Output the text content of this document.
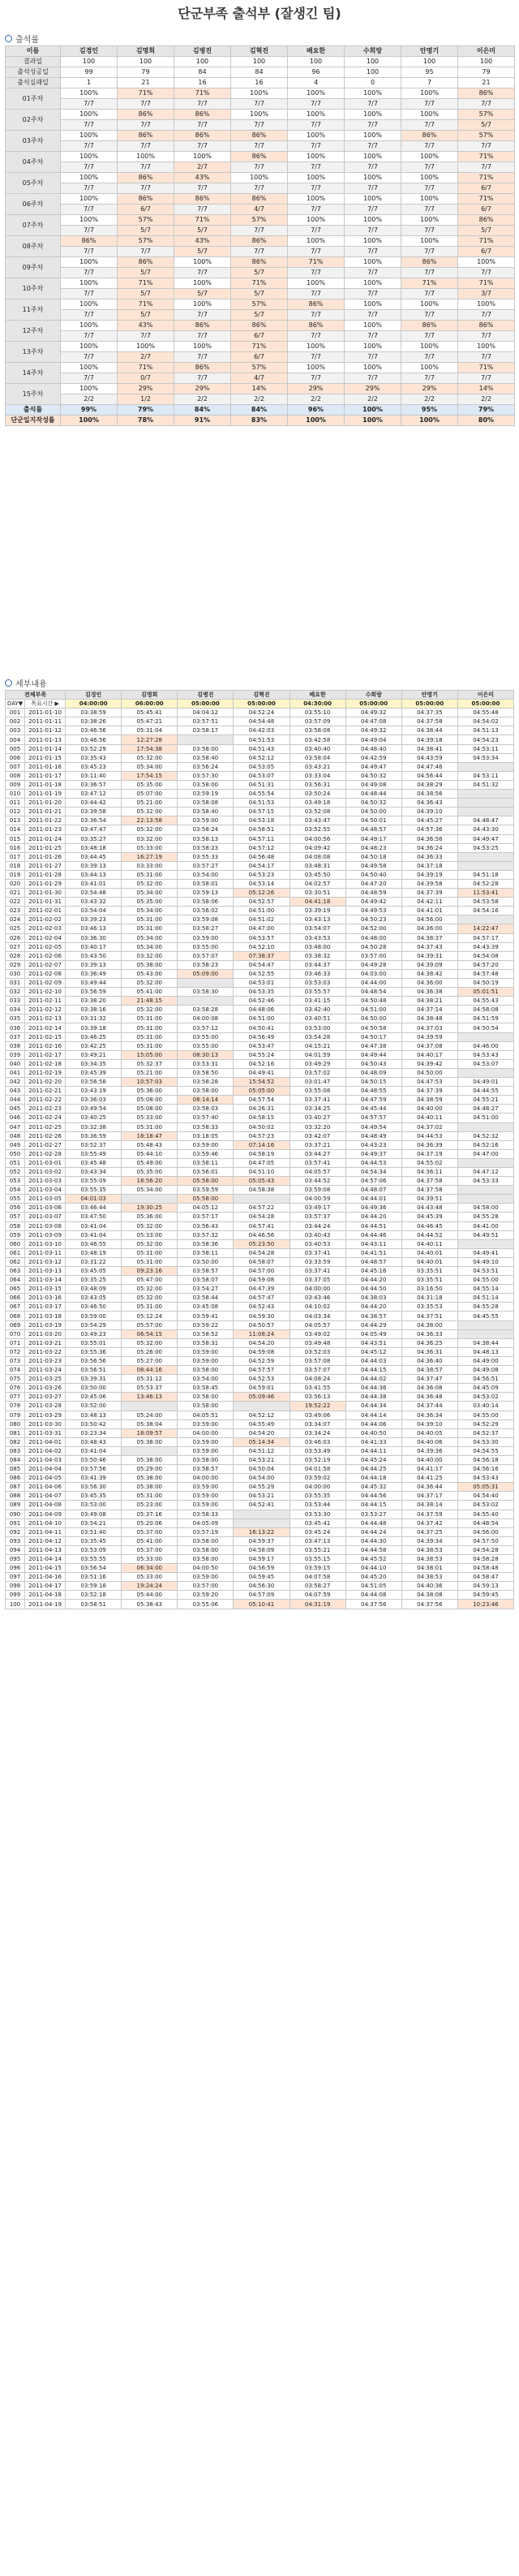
단군부족 출석부 (잘생긴 팀)
출석률
이름	김경인	김명희	김병진	김혁진	배요한	수희랑	안명기	이은미
결과일	100	100	100	100	100	100	100	100
출석성공일	99	79	84	84	96	100	95	79
출석실패일	1	21	16	16	4	0	7	21
01주차	100%	71%	71%	100%	100%	100%	100%	86%
	7/7	7/7	7/7	7/7	7/7	7/7	7/7	7/7
02주차	100%	86%	86%	100%	100%	100%	100%	57%
	7/7	7/7	7/7	7/7	7/7	7/7	7/7	5/7
03주차	100%	86%	86%	86%	100%	100%	86%	57%
	7/7	7/7	7/7	7/7	7/7	7/7	7/7	7/7
04주차	100%	100%	100%	86%	100%	100%	100%	71%
	7/7	7/7	2/7	7/7	7/7	7/7	7/7	7/7
05주차	100%	86%	43%	100%	100%	100%	100%	71%
	7/7	7/7	7/7	7/7	7/7	7/7	7/7	6/7
06주차	100%	86%	86%	86%	100%	100%	100%	71%
	7/7	6/7	7/7	4/7	7/7	7/7	7/7	6/7
07주차	100%	57%	71%	57%	100%	100%	100%	86%
	7/7	5/7	5/7	7/7	7/7	7/7	7/7	5/7
08주차	86%	57%	43%	86%	100%	100%	100%	71%
	7/7	7/7	5/7	7/7	7/7	7/7	7/7	6/7
09주차	100%	86%	100%	86%	71%	100%	86%	100%
	7/7	5/7	7/7	5/7	7/7	7/7	7/7	7/7
10주차	100%	71%	100%	71%	100%	100%	71%	71%
	7/7	5/7	5/7	5/7	7/7	7/7	7/7	3/7
11주차	100%	71%	100%	57%	86%	100%	100%	100%
	7/7	5/7	7/7	5/7	7/7	7/7	7/7	7/7
12주차	100%	43%	86%	86%	86%	100%	86%	86%
	7/7	7/7	7/7	6/7	7/7	7/7	7/7	7/7
13주차	100%	100%	100%	71%	100%	100%	100%	100%
	7/7	2/7	7/7	6/7	7/7	7/7	7/7	7/7
14주차	100%	71%	86%	57%	100%	100%	100%	71%
	7/7	0/7	7/7	4/7	7/7	7/7	7/7	7/7
15주차	100%	29%	29%	14%	29%	29%	29%	14%
	2/2	1/2	2/2	2/2	2/2	2/2	2/2	2/2
출석률	99%	79%	84%	84%	96%	100%	95%	79%
단군일지작성률	100%	78%	91%	83%	100%	100%	100%	80%
세부내용
전체부족		김경인	김명희	김병진	김혁진	배요한	수희랑	안명기	이은미
DAY▼	목표시간 ▶	04:00:00	06:00:00	05:00:00	05:00:00	04:30:00	05:00:00	05:00:00	05:00:00
001	2011-01-10	03:38:59	05:45:41	04:04:12	04:52:24	03:55:10	04:49:32	04:37:35	04:55:48
002	2011-01-11	03:38:26	05:47:21	03:57:51	04:54:48	03:57:09	04:47:08	04:37:58	04:54:02
003	2011-01-12	03:46:56	05:31:04	03:58:17	04:42:03	03:58:08	04:49:32	04:38:44	04:51:13
004	2011-01-13	03:46:56	12:27:28		04:51:53	03:42:58	04:49:04	04:39:18	04:54:23
005	2011-01-14	03:52:29	17:54:38	03:58:00	04:51:43	03:40:40	04:48:40	04:38:41	04:53:11
006	2011-01-15	03:35:43	05:32:00	03:58:40	04:52:12	03:58:04	04:42:59	04:43:59	04:53:34
007	2011-01-16	03:45:23	05:34:00	03:56:24	04:53:05	03:43:21	04:49:47	04:47:46	
008	2011-01-17	03:11:40	17:54:15	03:57:30	04:53:07	03:33:04	04:50:32	04:56:44	04:53:11
009	2011-01-18	03:36:57	05:35:00	03:58:00	04:51:31	03:56:31	04:49:08	04:38:29	04:51:32
010	2011-01-19	03:47:12	05:07:00	03:59:19	04:55:54	03:50:24	04:48:44	04:38:56	
011	2011-01-20	03:44:42	05:21:00	03:58:08	04:51:53	03:49:18	04:50:32	04:36:43	
012	2011-01-21	03:39:58	05:32:00	03:58:40	04:57:15	03:52:08	04:50:00	04:39:10	
013	2011-01-22	03:36:54	22:13:58	03:59:00	04:53:18	03:43:47	04:50:01	04:45:27	04:48:47
014	2011-01-23	03:47:47	05:32:00	03:58:24	04:58:51	03:52:55	04:48:57	04:57:36	04:43:30
015	2011-01-24	03:35:27	03:32:00	03:58:13	04:57:11	04:00:56	04:49:17	04:36:56	04:49:47
016	2011-01-25	03:48:18	05:33:00	03:58:23	04:57:12	04:09:42	04:48:23	04:36:24	04:53:25
017	2011-01-26	03:44:45	16:27:19	03:55:33	04:56:48	04:08:08	04:50:18	04:36:33	
018	2011-01-27	03:39:13	03:33:00	03:57:27	04:54:17	03:48:31	04:49:58	04:37:18	
019	2011-01-28	03:44:13	05:31:00	03:54:00	04:53:23	03:45:50	04:50:40	04:39:19	04:51:18
020	2011-01-29	03:41:01	05:32:00	03:58:01	04:53:14	04:02:57	04:47:20	04:39:58	04:52:28
021	2011-01-30	03:54:48	05:34:00	03:59:13	05:12:26	03:30:51	04:48:59	04:37:39	11:53:41
022	2011-01-31	03:43:32	05:35:00	03:58:06	04:52:57	04:41:18	04:49:42	04:42:11	04:53:58
023	2011-02-01	03:54:04	05:34:00	03:56:02	04:51:00	03:39:19	04:49:53	04:41:01	04:54:16
024	2011-02-02	03:39:23	05:31:00	03:59:08	04:51:02	03:43:13	04:50:23	04:56:00	
025	2011-02-03	03:46:13	05:31:00	03:58:27	04:47:00	03:54:07	04:52:00	04:36:00	14:22:47
026	2011-02-04	03:36:30	05:34:00	03:59:00	04:53:57	03:43:53	04:48:00	04:38:37	04:57:17
027	2011-02-05	03:40:17	05:34:00	03:55:00	04:52:10	03:48:00	04:50:28	04:37:43	04:43:39
028	2011-02-06	03:43:50	03:32:00	03:57:07	07:38:37	03:38:32	03:57:00	04:39:31	04:54:08
029	2011-02-07	03:39:13	05:38:00	03:58:23	04:54:47	03:44:37	04:49:28	04:39:09	04:57:20
030	2011-02-08	03:36:49	05:43:00	05:09:00	04:52:55	03:46:33	04:03:00	04:38:42	04:57:48
031	2011-02-09	03:49:44	05:32:00		04:53:01	03:53:03	04:44:00	04:36:00	04:50:19
032	2011-02-10	03:56:59	05:41:00	03:58:30	04:53:35	03:55:57	04:48:54	04:36:38	05:01:51
033	2011-02-11	03:38:20	21:48:15		04:52:46	03:41:15	04:50:48	04:38:21	04:55:43
034	2011-02-12	03:38:16	05:32:00	03:58:28	04:48:06	03:42:40	04:51:00	04:37:14	04:58:08
035	2011-02-13	03:31:32	05:31:00	04:00:08	04:51:00	03:40:51	04:50:00	04:38:48	04:51:59
036	2011-02-14	03:39:18	05:31:00	03:57:12	04:50:41	03:53:00	04:50:58	04:37:03	04:50:54
037	2011-02-15	03:46:25	05:31:00	03:55:00	04:56:49	03:54:28	04:50:17	04:39:59	
038	2011-02-16	03:42:25	05:31:00	03:55:00	04:53:47	04:15:21	04:47:38	04:37:08	04:46:00
039	2011-02-17	03:49:21	15:05:00	08:30:13	04:55:24	04:01:59	04:49:44	04:40:17	04:53:43
040	2011-02-18	03:34:35	05:32:37	03:53:31	04:52:16	03:49:29	04:50:43	04:39:42	04:53:07
041	2011-02-19	03:45:39	05:21:00	03:58:50	04:49:41	03:57:02	04:48:09	04:50:00	
042	2011-02-20	03:56:58	10:57:03	03:58:28	15:54:52	03:01:47	04:50:15	04:47:53	04:49:01
043	2011-02-21	03:43:19	05:36:00	03:58:00	05:05:00	03:55:08	04:48:55	04:37:39	04:44:55
044	2011-02-22	03:36:03	05:08:00	08:14:14	04:57:54	03:37:41	04:47:59	04:38:59	04:55:21
045	2011-02-23	03:49:54	05:08:00	03:58:03	04:26:31	03:34:25	04:45:44	04:40:00	04:48:27
046	2011-02-24	03:40:25	05:33:00	03:57:40	04:58:15	03:40:27	04:57:57	04:40:11	04:51:00
047	2011-02-25	03:32:38	05:31:00	03:58:33	04:50:02	03:32:20	04:49:54	04:37:02	
048	2011-02-26	03:36:59	18:18:47	03:18:05	04:57:23	03:42:07	04:48:49	04:44:53	04:52:32
049	2011-02-27	03:52:37	05:48:43	03:59:00	07:14:16	03:37:21	04:43:23	04:36:39	04:52:16
050	2011-02-28	03:55:49	05:44:10	03:59:46	04:58:19	03:44:27	04:49:37	04:37:19	04:47:00
051	2011-03-01	03:45:48	05:49:00	03:58:11	04:47:05	03:57:41	04:44:53	04:55:02	
052	2011-03-02	03:43:34	05:35:00	03:56:01	04:51:10	04:05:57	04:54:34	04:36:11	04:47:12
053	2011-03-03	03:55:09	18:56:20	05:58:00	05:05:43	03:44:52	04:57:06	04:37:58	04:53:33
054	2011-03-04	03:55:35	05:34:00	03:59:59	04:58:38	03:59:08	04:48:07	04:37:58	
055	2011-03-05	04:01:03		05:58:00		04:00:59	04:44:01	04:39:51	
056	2011-03-06	03:46:44	19:30:25	04:05:12	04:57:22	03:49:17	04:49:36	04:43:48	04:58:00
057	2011-03-07	03:47:50	05:36:00	03:57:17	04:54:28	03:57:37	04:44:20	04:45:39	04:55:28
058	2011-03-08	03:41:04	05:32:00	03:56:43	04:57:41	03:44:24	04:44:51	04:46:45	04:41:00
059	2011-03-09	03:41:04	05:33:00	03:57:32	04:46:56	03:40:43	04:44:46	04:44:52	04:49:51
060	2011-03-10	03:46:55	05:32:00	03:58:36	05:23:50	03:40:53	04:43:11	04:40:11	
061	2011-03-11	03:48:19	05:31:00	03:58:11	04:54:28	03:37:41	04:41:51	04:40:01	04:49:41
062	2011-03-12	03:31:22	05:31:00	03:50:00	04:58:07	03:33:59	04:48:57	04:40:01	04:49:10
063	2011-03-13	03:45:05	09:23:16	03:58:57	04:57:00	03:37:41	04:45:16	03:35:51	04:53:51
064	2011-03-14	03:35:25	05:47:00	03:58:07	04:59:08	03:37:05	04:44:20	03:35:51	04:55:00
065	2011-03-15	03:48:09	05:32:00	03:54:27	04:47:39	04:00:00	04:44:50	03:16:50	04:55:14
066	2011-03-16	03:43:05	05:32:00	03:58:44	04:57:47	03:43:46	04:38:03	04:31:18	04:51:14
067	2011-03-17	03:46:50	05:31:00	03:45:08	04:52:43	04:10:02	04:44:20	03:35:53	04:55:28
068	2011-03-18	03:59:00	05:12:24	03:59:41	04:59:30	04:03:34	04:38:57	04:37:51	04:45:55
069	2011-03-19	03:54:29	05:57:00	03:59:22	04:50:57	04:05:57	04:44:29	04:38:00	
070	2011-03-20	03:49:23	06:54:15	03:58:52	11:08:24	03:49:02	04:05:49	04:36:33	
071	2011-03-21	03:55:01	05:32:00	03:58:31	04:54:20	03:49:48	04:43:51	04:36:25	04:38:44
072	2011-03-22	03:55:36	05:26:00	03:59:00	04:59:08	03:52:03	04:45:12	04:36:31	04:48:13
073	2011-03-23	03:56:56	05:27:00	03:59:00	04:52:59	03:57:08	04:44:03	04:36:40	04:49:00
074	2011-03-24	03:56:51	08:44:16	03:58:00	04:57:57	03:57:07	04:44:15	04:38:57	04:49:08
075	2011-03-25	03:39:31	05:31:12	03:54:00	04:52:53	04:08:24	04:44:02	04:37:47	04:56:51
076	2011-03-26	03:50:00	05:53:37	03:58:45	04:59:01	03:41:55	04:44:36	04:36:08	04:45:09
077	2011-03-27	03:45:06	13:46:13	03:58:00	05:09:46	03:56:13	04:44:38	04:36:48	04:53:02
078	2011-03-28	03:52:00		03:58:00		19:52:22	04:44:34	04:37:44	03:40:14
079	2011-03-29	03:48:13	05:24:00	04:05:51	04:52:12	03:49:06	04:44:14	04:36:34	04:55:00
080	2011-03-30	03:50:42	05:38:04	03:59:00	04:55:49	03:34:07	04:44:06	04:39:10	04:52:29
081	2011-03-31	03:23:34	18:09:57	04:00:00	04:54:20	03:34:24	04:40:50	04:40:05	04:52:37
082	2011-04-01	03:48:43	05:38:00	03:59:00	05:14:34	03:46:03	04:41:33	04:40:06	04:53:30
083	2011-04-02	03:41:04		03:59:00	04:51:12	03:53:49	04:44:11	04:39:36	04:54:55
084	2011-04-03	03:50:46	05:38:00	03:58:00	04:53:21	03:52:19	04:45:24	04:40:00	04:56:18
085	2011-04-04	03:57:56	05:29:00	03:58:57	04:50:04	04:01:58	04:44:25	04:41:17	04:56:16
086	2011-04-05	03:41:39	05:38:00	04:00:00	04:54:00	03:59:02	04:44:18	04:41:25	04:53:43
087	2011-04-06	03:56:30	05:38:00	03:59:00	04:55:29	04:00:00	04:45:32	04:36:44	05:05:31
088	2011-04-07	03:45:35	05:31:00	03:59:00	04:53:21	03:55:35	04:44:56	04:37:17	04:54:40
089	2011-04-08	03:53:00	05:23:00	03:59:00	04:52:41	03:53:44	04:44:15	04:38:14	04:53:02
090	2011-04-09	03:49:08	05:37:16	03:58:33		03:53:30	03:53:27	04:37:59	04:55:40
091	2011-04-10	03:54:21	05:20:06	04:05:09		03:45:41	04:44:48	04:37:42	04:48:54
092	2011-04-11	03:51:40	05:37:00	03:57:19	16:13:22	03:45:24	04:44:24	04:37:25	04:56:00
093	2011-04-12	03:35:45	05:41:00	03:58:00	04:59:37	03:47:13	04:44:30	04:39:34	04:57:50
094	2011-04-13	03:53:09	05:37:00	03:58:00	04:58:09	03:55:21	04:44:58	04:38:53	04:54:28
095	2011-04-14	03:55:55	05:33:00	03:58:00	04:59:17	03:55:15	04:45:52	04:38:53	04:58:28
096	2011-04-15	03:56:54	06:34:00	04:00:50	04:56:59	03:59:15	04:44:10	04:38:01	04:58:48
097	2011-04-16	03:51:16	05:33:00	03:59:00	04:59:45	04:07:58	04:45:20	04:38:53	04:58:47
098	2011-04-17	03:59:18	19:24:24	03:57:00	04:56:30	03:58:27	04:51:05	04:40:36	04:59:13
099	2011-04-18	03:52:18	05:44:00	03:59:20	04:57:09	04:07:59	04:44:08	04:38:08	04:59:45
100	2011-04-19	03:58:51	05:38:43	03:55:06	05:10:41	04:31:19	04:37:56	04:37:56	10:23:46
